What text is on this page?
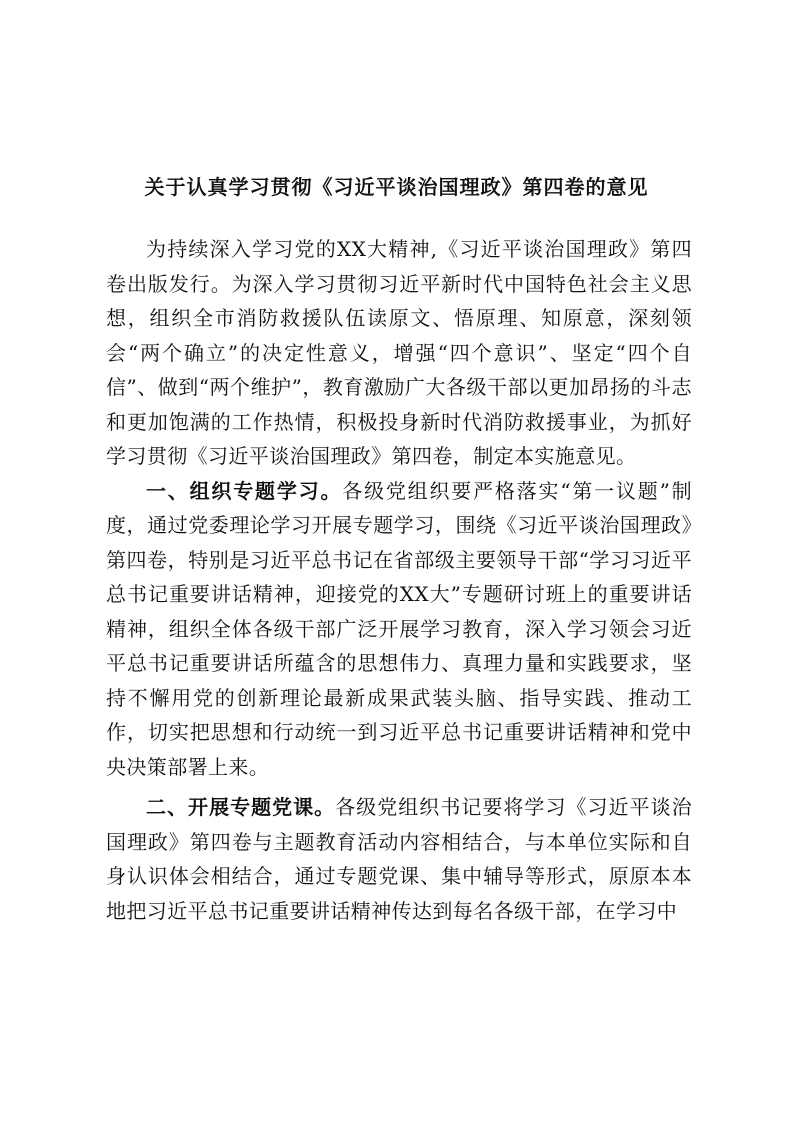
关于认真学习贯彻《习近平谈治国理政》第四卷的意见

为持续深入学习党的XX大精神,《习近平谈治国理政》第四卷出版发行。为深入学习贯彻习近平新时代中国特色社会主义思想，组织全市消防救援队伍读原文、悟原理、知原意，深刻领会“两个确立”的决定性意义，增强“四个意识”、坚定“四个自信”、做到“两个维护”，教育激励广大各级干部以更加昂扬的斗志和更加饱满的工作热情，积极投身新时代消防救援事业，为抓好学习贯彻《习近平谈治国理政》第四卷，制定本实施意见。

一、组织专题学习。各级党组织要严格落实“第一议题”制度，通过党委理论学习开展专题学习，围绕《习近平谈治国理政》第四卷，特别是习近平总书记在省部级主要领导干部“学习习近平总书记重要讲话精神，迎接党的XX大”专题研讨班上的重要讲话精神，组织全体各级干部广泛开展学习教育，深入学习领会习近平总书记重要讲话所蕴含的思想伟力、真理力量和实践要求，坚持不懈用党的创新理论最新成果武装头脑、指导实践、推动工作，切实把思想和行动统一到习近平总书记重要讲话精神和党中央决策部署上来。

二、开展专题党课。各级党组织书记要将学习《习近平谈治国理政》第四卷与主题教育活动内容相结合，与本单位实际和自身认识体会相结合，通过专题党课、集中辅导等形式，原原本本地把习近平总书记重要讲话精神传达到每名各级干部，在学习中
